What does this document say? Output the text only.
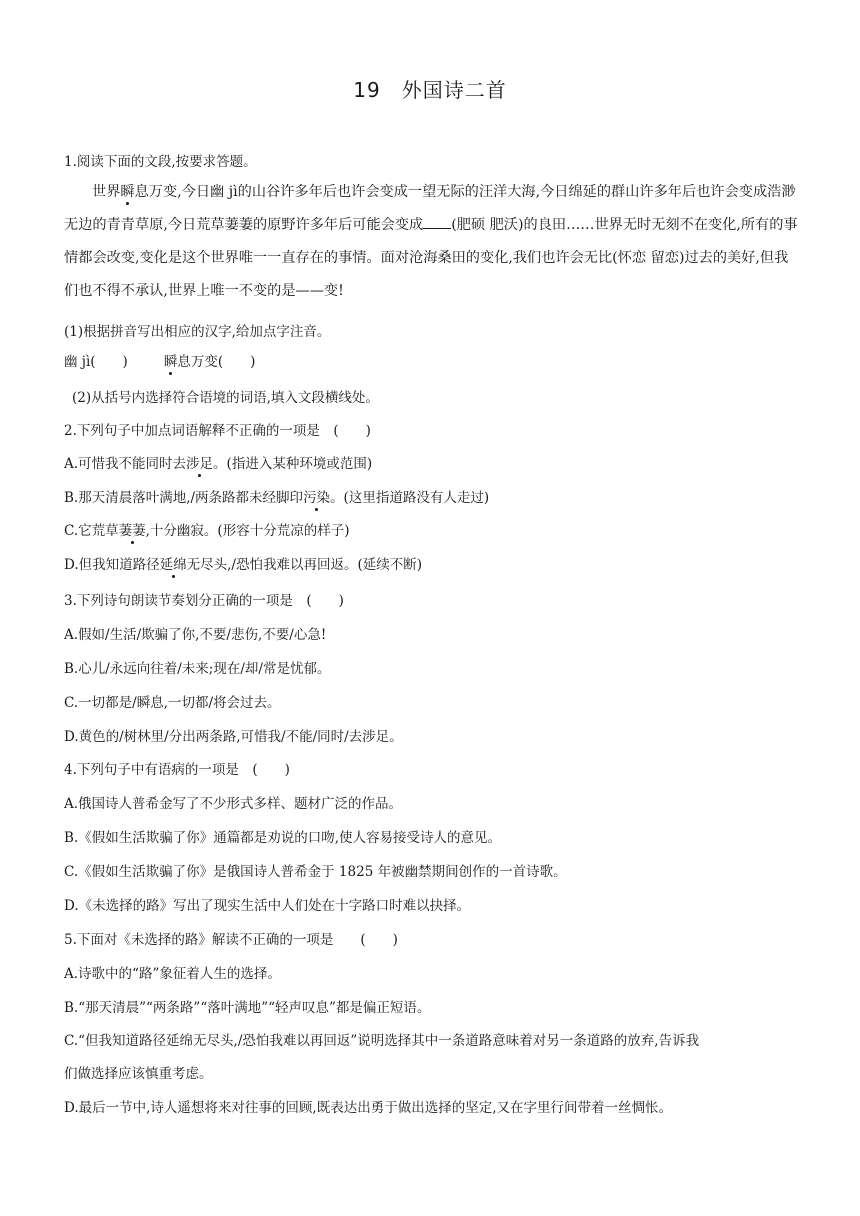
19　外国诗二首
1.阅读下面的文段,按要求答题。
世界瞬息万变,今日幽 jì的山谷许多年后也许会变成一望无际的汪洋大海,今日绵延的群山许多年后也许会变成浩渺无边的青青草原,今日荒草萋萋的原野许多年后可能会变成 (肥硕 肥沃)的良田……世界无时无刻不在变化,所有的事情都会改变,变化是这个世界唯一一直存在的事情。面对沧海桑田的变化,我们也许会无比(怀恋 留恋)过去的美好,但我们也不得不承认,世界上唯一不变的是——变!
(1)根据拼音写出相应的汉字,给加点字注音。
幽 jì(　　)	瞬息万变(　　)
(2)从括号内选择符合语境的词语,填入文段横线处。
2.下列句子中加点词语解释不正确的一项是　(　　)
A.可惜我不能同时去涉足。(指进入某种环境或范围)
B.那天清晨落叶满地,/两条路都未经脚印污染。(这里指道路没有人走过)
C.它荒草萋萋,十分幽寂。(形容十分荒凉的样子)
D.但我知道路径延绵无尽头,/恐怕我难以再回返。(延续不断)
3.下列诗句朗读节奏划分正确的一项是　(　　)
A.假如/生活/欺骗了你,不要/悲伤,不要/心急!
B.心儿/永远向往着/未来;现在/却/常是忧郁。
C.一切都是/瞬息,一切都/将会过去。
D.黄色的/树林里/分出两条路,可惜我/不能/同时/去涉足。
4.下列句子中有语病的一项是　(　　)
A.俄国诗人普希金写了不少形式多样、题材广泛的作品。
B.《假如生活欺骗了你》通篇都是劝说的口吻,使人容易接受诗人的意见。
C.《假如生活欺骗了你》是俄国诗人普希金于 1825 年被幽禁期间创作的一首诗歌。
D.《未选择的路》写出了现实生活中人们处在十字路口时难以抉择。
5.下面对《未选择的路》解读不正确的一项是　　(　　)
A.诗歌中的“路”象征着人生的选择。
B.“那天清晨”“两条路”“落叶满地”“轻声叹息”都是偏正短语。
C.“但我知道路径延绵无尽头,/恐怕我难以再回返”说明选择其中一条道路意味着对另一条道路的放弃,告诉我
们做选择应该慎重考虑。
D.最后一节中,诗人遥想将来对往事的回顾,既表达出勇于做出选择的坚定,又在字里行间带着一丝惆怅。
